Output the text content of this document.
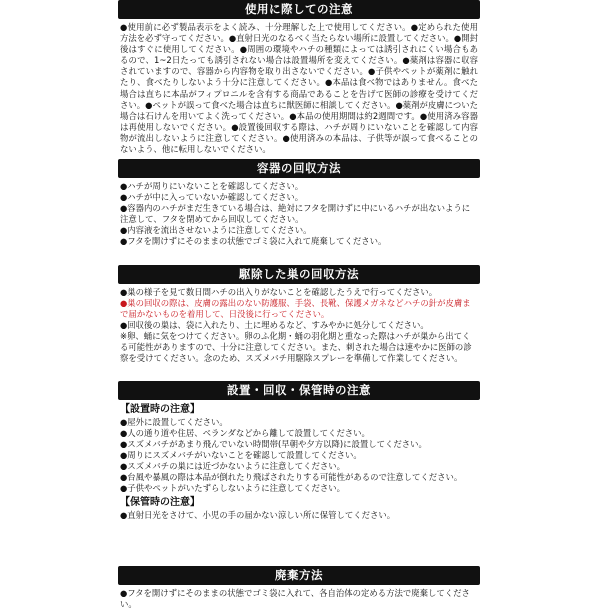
使用に際しての注意
●使用前に必ず製品表示をよく読み、十分理解した上で使用してください。●定められた使用方法を必ず守ってください。●直射日光のなるべく当たらない場所に設置してください。●開封後はすぐに使用してください。●周囲の環境やハチの種類によっては誘引されにくい場合もあるので、1~2日たっても誘引されない場合は設置場所を変えてください。●薬剤は容器に収容されていますので、容器から内容物を取り出さないでください。●子供やペットが薬剤に触れたり、食べたりしないよう十分に注意してください。●本品は食べ物ではありません。食べた場合は直ちに本品がフィプロニルを含有する商品であることを告げて医師の診療を受けてください。●ペットが誤って食べた場合は直ちに獣医師に相談してください。●薬剤が皮膚についた場合は石けんを用いてよく洗ってください。●本品の使用期間は約2週間です。●使用済み容器は再使用しないでください。●設置後回収する際は、ハチが周りにいないことを確認して内容物が流出しないように注意してください。●使用済みの本品は、子供等が誤って食べることのないよう、他に転用しないでください。
容器の回収方法
●ハチが周りにいないことを確認してください。
●ハチが中に入っていないか確認してください。
●容器内のハチがまだ生きている場合は、絶対にフタを開けずに中にいるハチが出ないように注意して、フタを閉めてから回収してください。
●内容液を流出させないように注意してください。
●フタを開けずにそのままの状態でゴミ袋に入れて廃棄してください。
駆除した巣の回収方法
●巣の様子を見て数日間ハチの出入りがないことを確認したうえで行ってください。
●巣の回収の際は、皮膚の露出のない防護服、手袋、長靴、保護メガネなどハチの針が皮膚まで届かないものを着用して、日没後に行ってください。
●回収後の巣は、袋に入れたり、土に埋めるなど、すみやかに処分してください。
※卵、蛹に気をつけてください。卵のふ化期・蛹の羽化期と重なった際はハチが巣から出てくる可能性がありますので、十分に注意してください。また、刺された場合は速やかに医師の診察を受けてください。念のため、スズメバチ用駆除スプレーを準備して作業してください。
設置・回収・保管時の注意
【設置時の注意】
●屋外に設置してください。
●人の通り道や住居、ベランダなどから離して設置してください。
●スズメバチがあまり飛んでいない時間帯(早朝や夕方以降)に設置してください。
●周りにスズメバチがいないことを確認して設置してください。
●スズメバチの巣には近づかないように注意してください。
●台風や暴風の際は本品が倒れたり飛ばされたりする可能性があるので注意してください。
●子供やペットがいたずらしないように注意してください。
【保管時の注意】
●直射日光をさけて、小児の手の届かない涼しい所に保管してください。
廃棄方法
●フタを開けずにそのままの状態でゴミ袋に入れて、各自治体の定める方法で廃棄してください。
